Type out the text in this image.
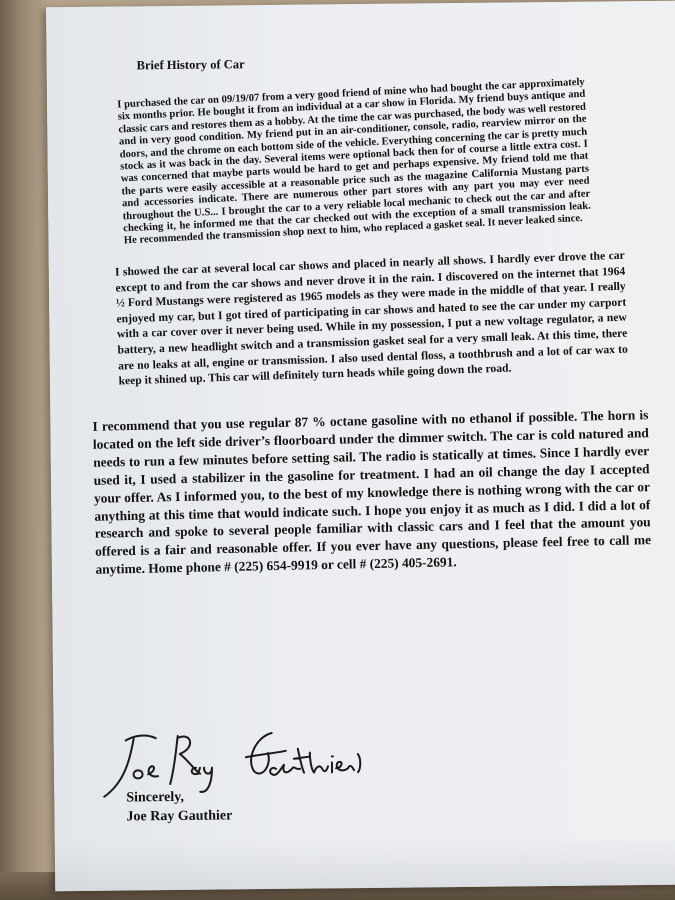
Brief History of Car

I purchased the car on 09/19/07 from a very good friend of mine who had bought the car approximately six months prior. He bought it from an individual at a car show in Florida. My friend buys antique and classic cars and restores them as a hobby. At the time the car was purchased, the body was well restored and in very good condition. My friend put in an air-conditioner, console, radio, rearview mirror on the doors, and the chrome on each bottom side of the vehicle. Everything concerning the car is pretty much stock as it was back in the day. Several items were optional back then for of course a little extra cost. I was concerned that maybe parts would be hard to get and perhaps expensive. My friend told me that the parts were easily accessible at a reasonable price such as the magazine California Mustang parts and accessories indicate. There are numerous other part stores with any part you may ever need throughout the U.S... I brought the car to a very reliable local mechanic to check out the car and after checking it, he informed me that the car checked out with the exception of a small transmission leak. He recommended the transmission shop next to him, who replaced a gasket seal. It never leaked since.

I showed the car at several local car shows and placed in nearly all shows. I hardly ever drove the car except to and from the car shows and never drove it in the rain. I discovered on the internet that 1964 ½ Ford Mustangs were registered as 1965 models as they were made in the middle of that year. I really enjoyed my car, but I got tired of participating in car shows and hated to see the car under my carport with a car cover over it never being used. While in my possession, I put a new voltage regulator, a new battery, a new headlight switch and a transmission gasket seal for a very small leak. At this time, there are no leaks at all, engine or transmission. I also used dental floss, a toothbrush and a lot of car wax to keep it shined up. This car will definitely turn heads while going down the road.

I recommend that you use regular 87 % octane gasoline with no ethanol if possible. The horn is located on the left side driver’s floorboard under the dimmer switch. The car is cold natured and needs to run a few minutes before setting sail. The radio is statically at times. Since I hardly ever used it, I used a stabilizer in the gasoline for treatment. I had an oil change the day I accepted your offer. As I informed you, to the best of my knowledge there is nothing wrong with the car or anything at this time that would indicate such. I hope you enjoy it as much as I did. I did a lot of research and spoke to several people familiar with classic cars and I feel that the amount you offered is a fair and reasonable offer. If you ever have any questions, please feel free to call me anytime. Home phone # (225) 654-9919 or cell # (225) 405-2691.

Sincerely,
Joe Ray Gauthier
